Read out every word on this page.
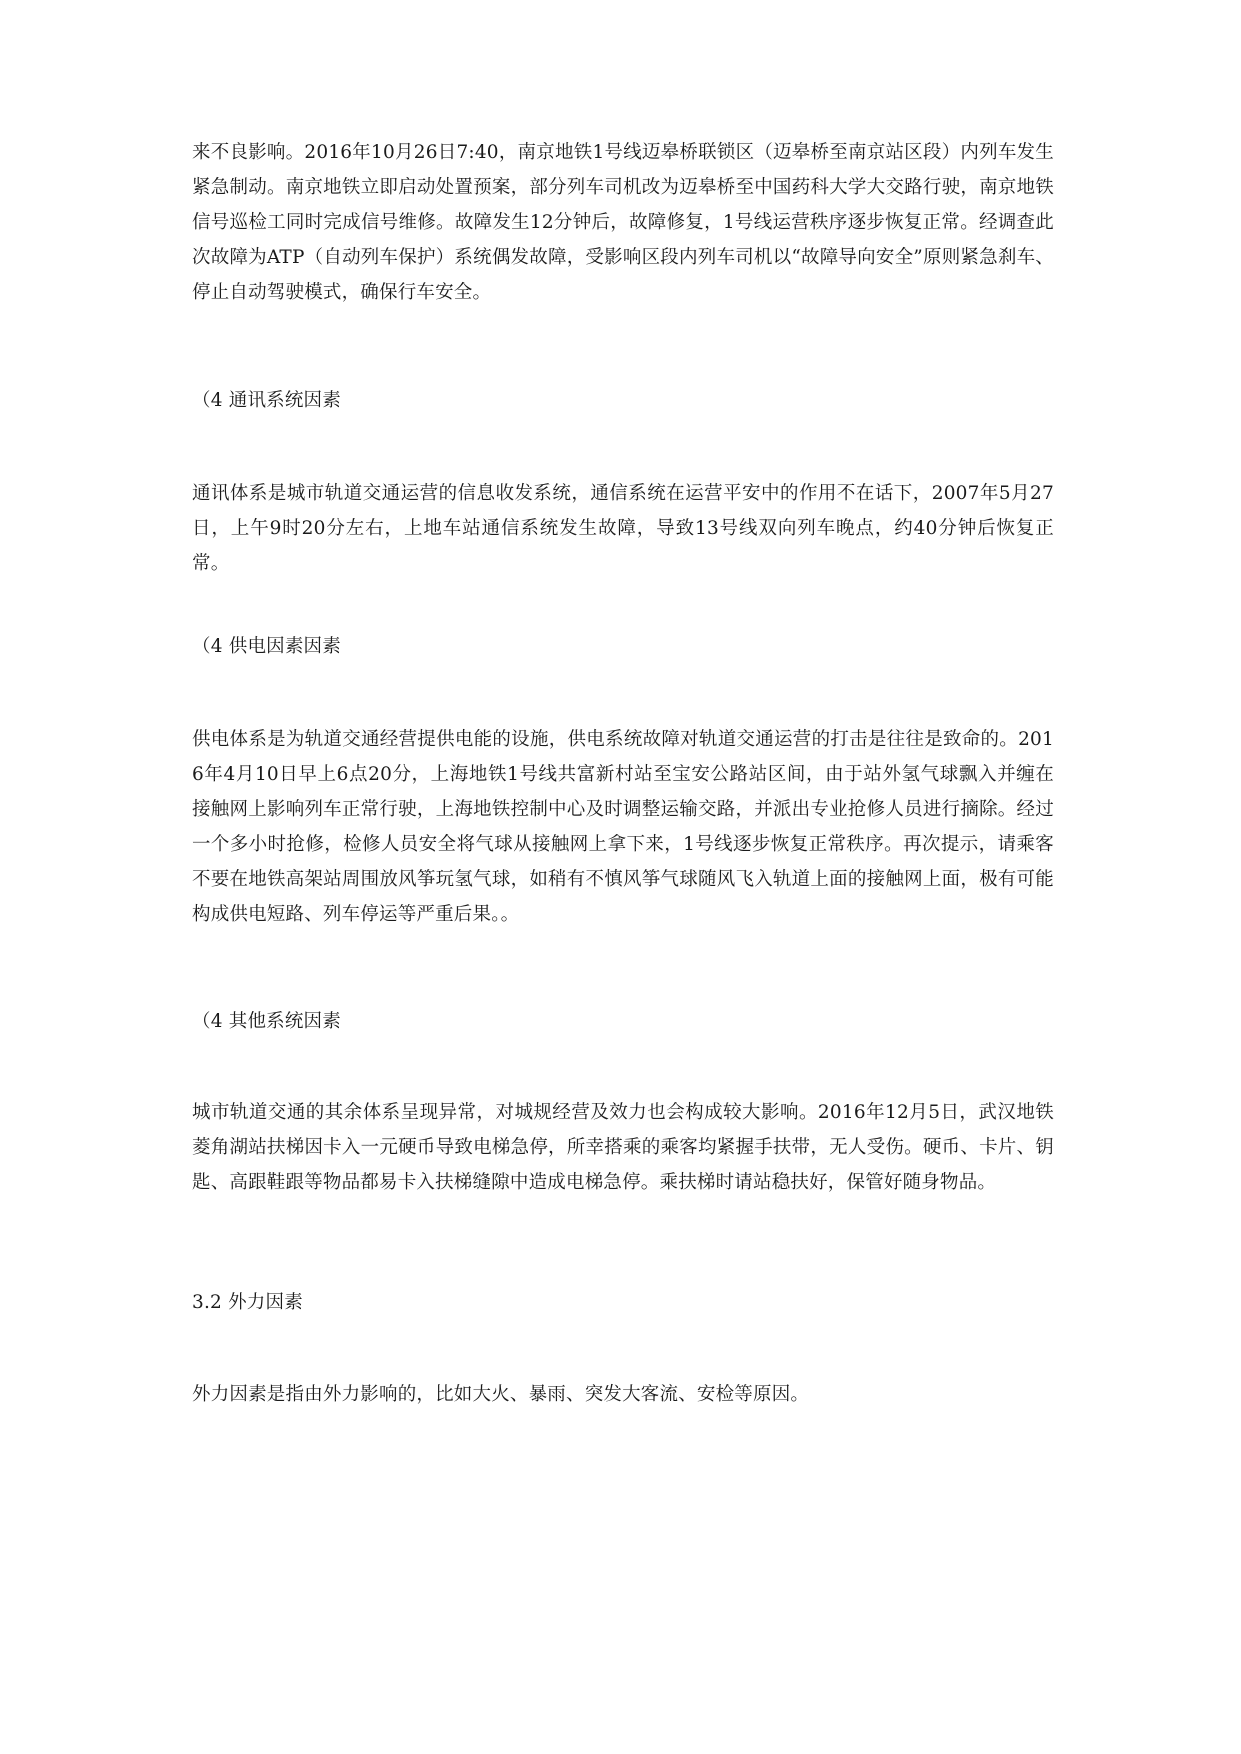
来不良影响。2016年10月26日7:40，南京地铁1号线迈皋桥联锁区（迈皋桥至南京站区段）内列车发生紧急制动。南京地铁立即启动处置预案，部分列车司机改为迈皋桥至中国药科大学大交路行驶，南京地铁信号巡检工同时完成信号维修。故障发生12分钟后，故障修复，1号线运营秩序逐步恢复正常。经调查此次故障为ATP（自动列车保护）系统偶发故障，受影响区段内列车司机以“故障导向安全”原则紧急刹车、停止自动驾驶模式，确保行车安全。

（4 通讯系统因素

通讯体系是城市轨道交通运营的信息收发系统，通信系统在运营平安中的作用不在话下，2007年5月27日，上午9时20分左右，上地车站通信系统发生故障，导致13号线双向列车晚点，约40分钟后恢复正常。

（4 供电因素因素

供电体系是为轨道交通经营提供电能的设施，供电系统故障对轨道交通运营的打击是往往是致命的。2016年4月10日早上6点20分，上海地铁1号线共富新村站至宝安公路站区间，由于站外氢气球飘入并缠在接触网上影响列车正常行驶，上海地铁控制中心及时调整运输交路，并派出专业抢修人员进行摘除。经过一个多小时抢修，检修人员安全将气球从接触网上拿下来，1号线逐步恢复正常秩序。再次提示，请乘客不要在地铁高架站周围放风筝玩氢气球，如稍有不慎风筝气球随风飞入轨道上面的接触网上面，极有可能构成供电短路、列车停运等严重后果。。

（4 其他系统因素

城市轨道交通的其余体系呈现异常，对城规经营及效力也会构成较大影响。2016年12月5日，武汉地铁菱角湖站扶梯因卡入一元硬币导致电梯急停，所幸搭乘的乘客均紧握手扶带，无人受伤。硬币、卡片、钥匙、高跟鞋跟等物品都易卡入扶梯缝隙中造成电梯急停。乘扶梯时请站稳扶好，保管好随身物品。

3.2 外力因素

外力因素是指由外力影响的，比如大火、暴雨、突发大客流、安检等原因。
